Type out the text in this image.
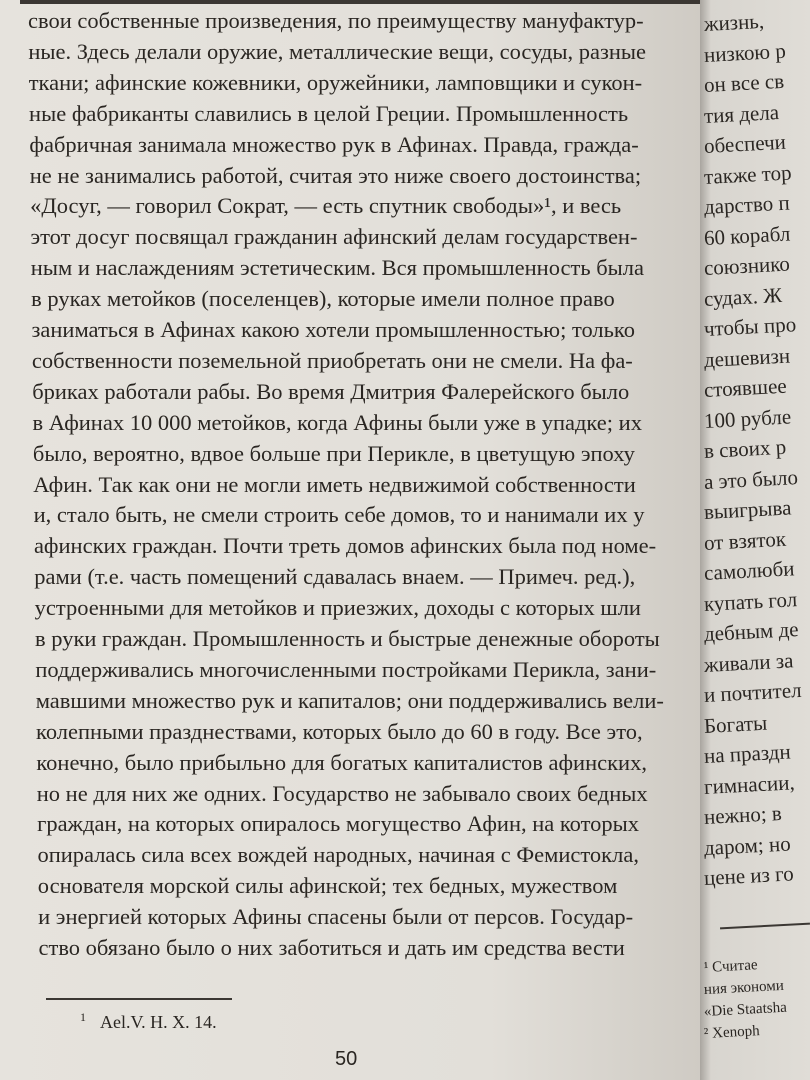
свои собственные произведения, по преимуществу мануфактур-
ные. Здесь делали оружие, металлические вещи, сосуды, разные
ткани; афинские кожевники, оружейники, ламповщики и сукон-
ные фабриканты славились в целой Греции. Промышленность
фабричная занимала множество рук в Афинах. Правда, гражда-
не не занимались работой, считая это ниже своего достоинства;
«Досуг, — говорил Сократ, — есть спутник свободы»¹, и весь
этот досуг посвящал гражданин афинский делам государствен-
ным и наслаждениям эстетическим. Вся промышленность была
в руках метойков (поселенцев), которые имели полное право
заниматься в Афинах какою хотели промышленностью; только
собственности поземельной приобретать они не смели. На фа-
бриках работали рабы. Во время Дмитрия Фалерейского было
в Афинах 10 000 метойков, когда Афины были уже в упадке; их
было, вероятно, вдвое больше при Перикле, в цветущую эпоху
Афин. Так как они не могли иметь недвижимой собственности
и, стало быть, не смели строить себе домов, то и нанимали их у
афинских граждан. Почти треть домов афинских была под номе-
рами (т.е. часть помещений сдавалась внаем. — Примеч. ред.),
устроенными для метойков и приезжих, доходы с которых шли
в руки граждан. Промышленность и быстрые денежные обороты
поддерживались многочисленными постройками Перикла, зани-
мавшими множество рук и капиталов; они поддерживались вели-
колепными празднествами, которых было до 60 в году. Все это,
конечно, было прибыльно для богатых капиталистов афинских,
но не для них же одних. Государство не забывало своих бедных
граждан, на которых опиралось могущество Афин, на которых
опиралась сила всех вождей народных, начиная с Фемистокла,
основателя морской силы афинской; тех бедных, мужеством
и энергией которых Афины спасены были от персов. Государ-
ство обязано было о них заботиться и дать им средства вести
$^1$ Ael.V. H. X. 14.
50
жизнь,
низкою р
он все св
тия дела
обеспечи
также тор
дарство п
60 корабл
союзнико
судах. Ж
чтобы про
дешевизн
стоявшее
100 рубле
в своих р
а это было
выигрыва
от взяток
самолюби
купать гол
дебным де
живали за
и почтител
Богаты
на праздн
гимнасии,
нежно; в
даром; но
цене из го
¹ Считае
ния экономи
«Die Staatsha
² Xenoph
